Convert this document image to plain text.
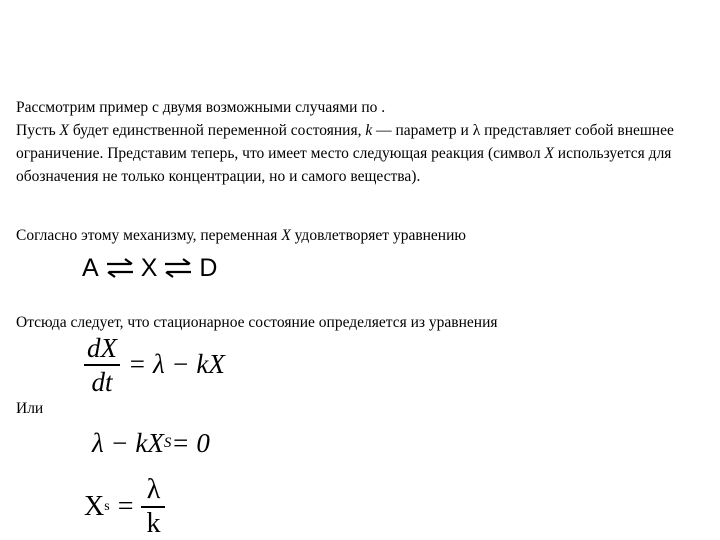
Рассмотрим пример с двумя возможными случаями по .
Пусть X будет единственной переменной состояния, k — параметр и λ представляет собой внешнее ограничение. Представим теперь, что имеет место следующая реакция (символ X используется для обозначения не только концентрации, но и самого вещества).

Согласно этому механизму, переменная X удовлетворяет уравнению

A ⇌ X ⇌ D

Отсюда следует, что стационарное состояние определяется из уравнения

$\frac{dX}{dt} = \lambda$ − kX

Или

λ − kX S = 0
X $s = \frac{\lambda}{k}$
